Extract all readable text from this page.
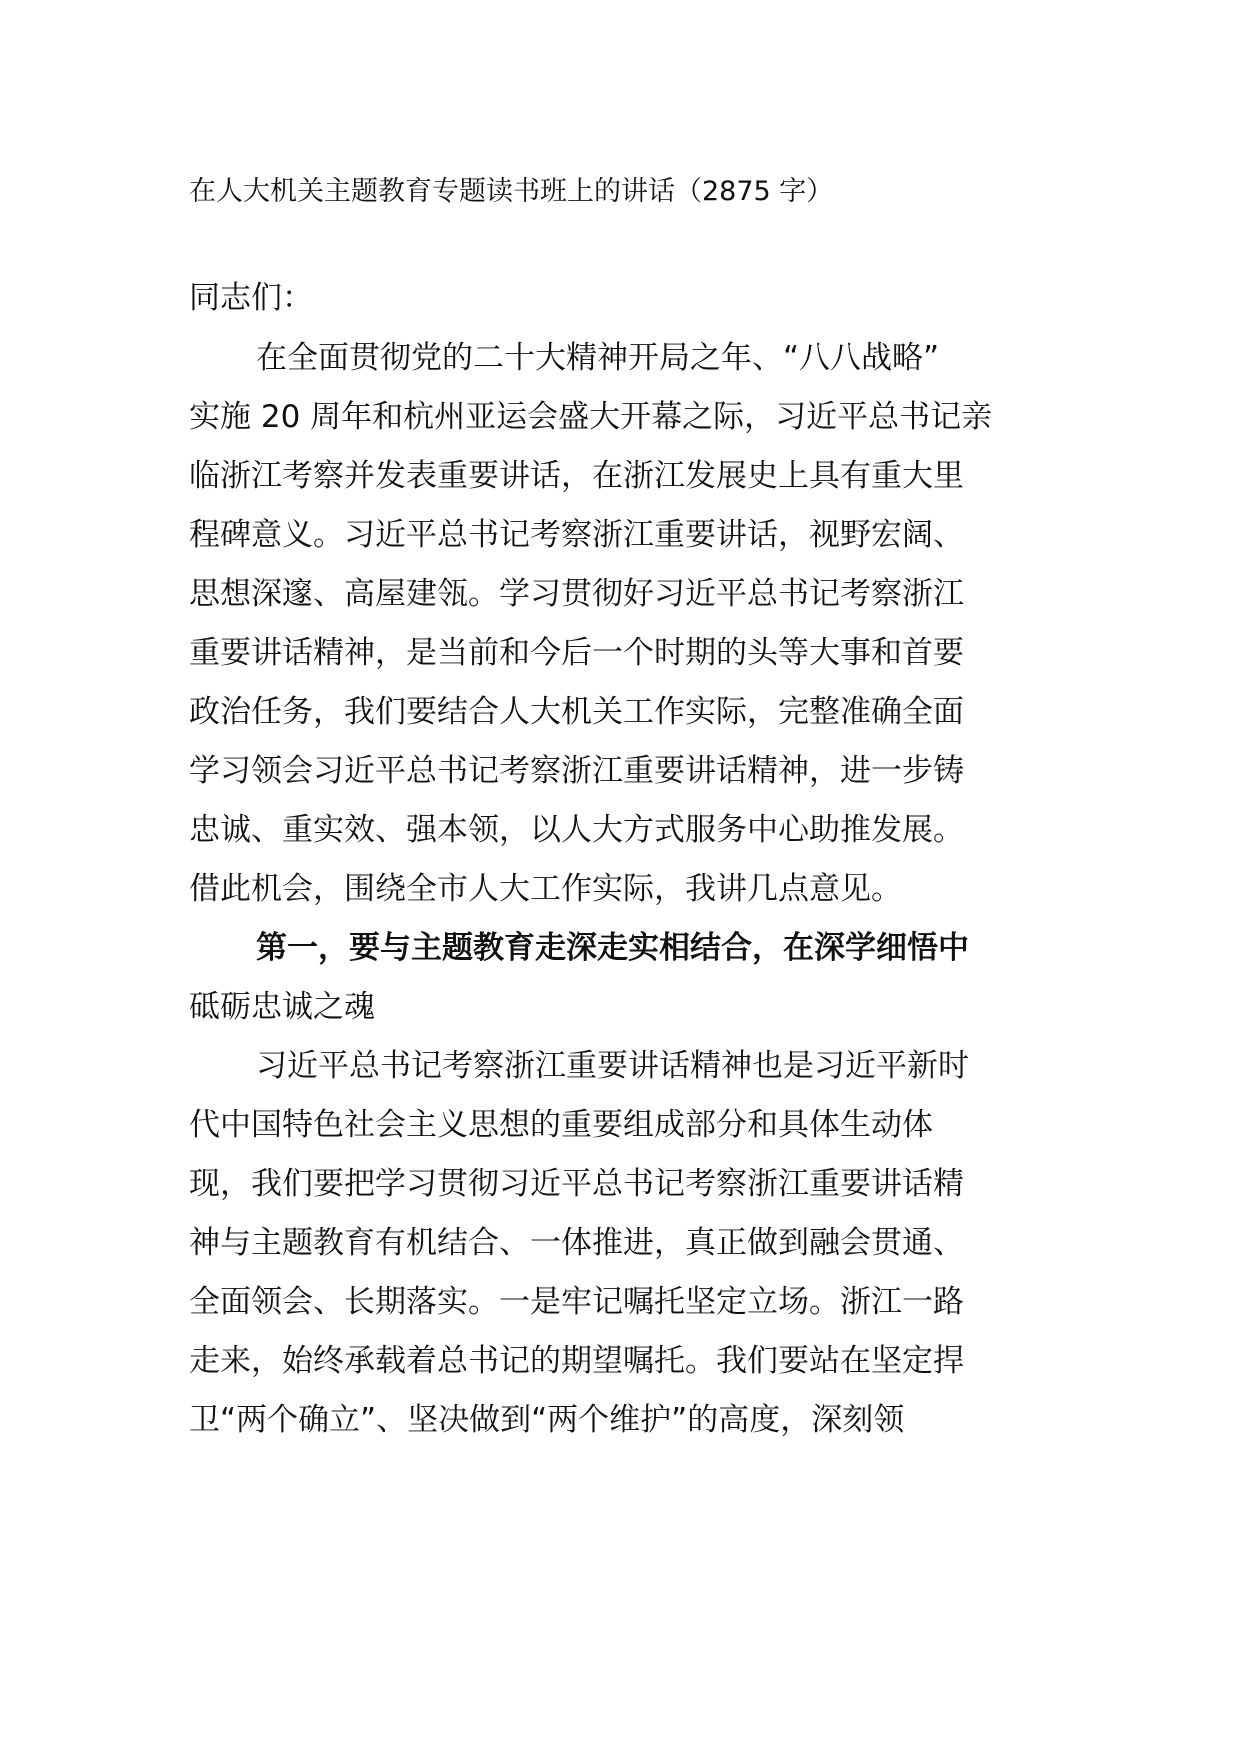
在人大机关主题教育专题读书班上的讲话（2875 字）
同志们：
在全面贯彻党的二十大精神开局之年、“八八战略”
实施 20 周年和杭州亚运会盛大开幕之际，习近平总书记亲
临浙江考察并发表重要讲话，在浙江发展史上具有重大里
程碑意义。习近平总书记考察浙江重要讲话，视野宏阔、
思想深邃、高屋建瓴。学习贯彻好习近平总书记考察浙江
重要讲话精神，是当前和今后一个时期的头等大事和首要
政治任务，我们要结合人大机关工作实际，完整准确全面
学习领会习近平总书记考察浙江重要讲话精神，进一步铸
忠诚、重实效、强本领，以人大方式服务中心助推发展。
借此机会，围绕全市人大工作实际，我讲几点意见。
第一，要与主题教育走深走实相结合，在深学细悟中
砥砺忠诚之魂
习近平总书记考察浙江重要讲话精神也是习近平新时
代中国特色社会主义思想的重要组成部分和具体生动体
现，我们要把学习贯彻习近平总书记考察浙江重要讲话精
神与主题教育有机结合、一体推进，真正做到融会贯通、
全面领会、长期落实。一是牢记嘱托坚定立场。浙江一路
走来，始终承载着总书记的期望嘱托。我们要站在坚定捍
卫“两个确立”、坚决做到“两个维护”的高度，深刻领
